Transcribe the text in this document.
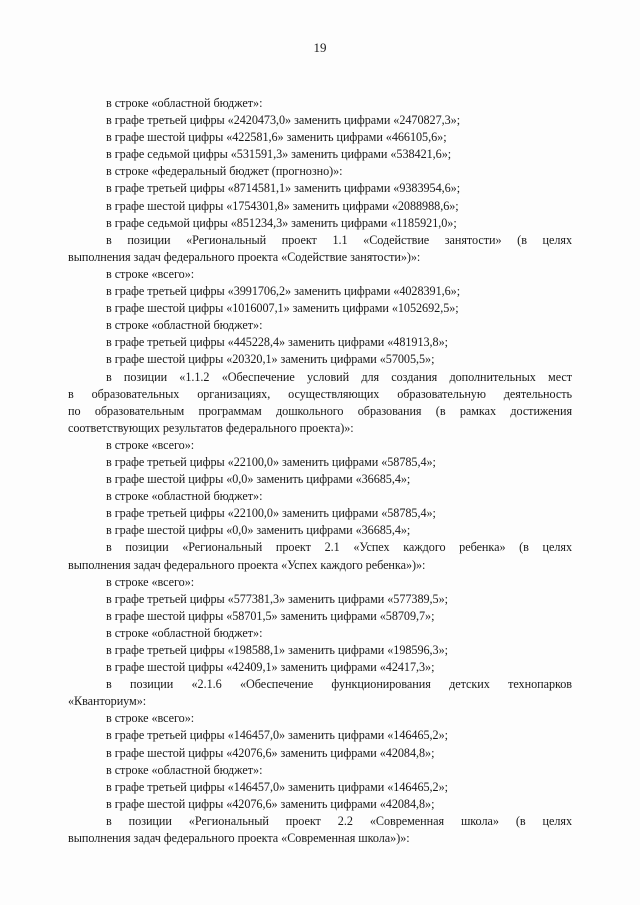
19
в строке «областной бюджет»:
в графе третьей цифры «2420473,0» заменить цифрами «2470827,3»;
в графе шестой цифры «422581,6» заменить цифрами «466105,6»;
в графе седьмой цифры «531591,3» заменить цифрами «538421,6»;
в строке «федеральный бюджет (прогнозно)»:
в графе третьей цифры «8714581,1» заменить цифрами «9383954,6»;
в графе шестой цифры «1754301,8» заменить цифрами «2088988,6»;
в графе седьмой цифры «851234,3» заменить цифрами «1185921,0»;
в позиции «Региональный проект 1.1 «Содействие занятости» (в целях
выполнения задач федерального проекта «Содействие занятости»)»:
в строке «всего»:
в графе третьей цифры «3991706,2» заменить цифрами «4028391,6»;
в графе шестой цифры «1016007,1» заменить цифрами «1052692,5»;
в строке «областной бюджет»:
в графе третьей цифры «445228,4» заменить цифрами «481913,8»;
в графе шестой цифры «20320,1» заменить цифрами «57005,5»;
в позиции «1.1.2 «Обеспечение условий для создания дополнительных мест
в образовательных организациях, осуществляющих образовательную деятельность
по образовательным программам дошкольного образования (в рамках достижения
соответствующих результатов федерального проекта)»:
в строке «всего»:
в графе третьей цифры «22100,0» заменить цифрами «58785,4»;
в графе шестой цифры «0,0» заменить цифрами «36685,4»;
в строке «областной бюджет»:
в графе третьей цифры «22100,0» заменить цифрами «58785,4»;
в графе шестой цифры «0,0» заменить цифрами «36685,4»;
в позиции «Региональный проект 2.1 «Успех каждого ребенка» (в целях
выполнения задач федерального проекта «Успех каждого ребенка»)»:
в строке «всего»:
в графе третьей цифры «577381,3» заменить цифрами «577389,5»;
в графе шестой цифры «58701,5» заменить цифрами «58709,7»;
в строке «областной бюджет»:
в графе третьей цифры «198588,1» заменить цифрами «198596,3»;
в графе шестой цифры «42409,1» заменить цифрами «42417,3»;
в позиции «2.1.6 «Обеспечение функционирования детских технопарков
«Кванториум»:
в строке «всего»:
в графе третьей цифры «146457,0» заменить цифрами «146465,2»;
в графе шестой цифры «42076,6» заменить цифрами «42084,8»;
в строке «областной бюджет»:
в графе третьей цифры «146457,0» заменить цифрами «146465,2»;
в графе шестой цифры «42076,6» заменить цифрами «42084,8»;
в позиции «Региональный проект 2.2 «Современная школа» (в целях
выполнения задач федерального проекта «Современная школа»)»:
